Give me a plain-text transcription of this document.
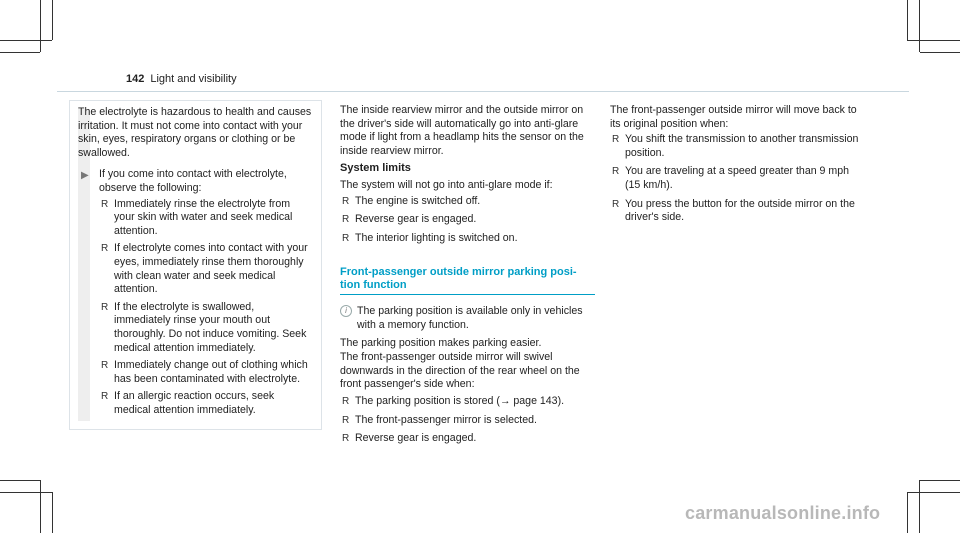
142 Light and visibility

The electrolyte is hazardous to health and causes irritation. It must not come into contact with your skin, eyes, respiratory organs or clothing or be swallowed.

▶ If you come into contact with electrolyte, observe the following:
R Immediately rinse the electrolyte from your skin with water and seek medical attention.
R If electrolyte comes into contact with your eyes, immediately rinse them thoroughly with clean water and seek medical attention.
R If the electrolyte is swallowed, immediately rinse your mouth out thoroughly. Do not induce vomiting. Seek medical attention immediately.
R Immediately change out of clothing which has been contaminated with electrolyte.
R If an allergic reaction occurs, seek medical attention immediately.

The inside rearview mirror and the outside mirror on the driver's side will automatically go into anti-glare mode if light from a headlamp hits the sensor on the inside rearview mirror.

System limits

The system will not go into anti-glare mode if:

R The engine is switched off.
R Reverse gear is engaged.
R The interior lighting is switched on.
Front-passenger outside mirror parking posi-
tion function
i The parking position is available only in vehicles with a memory function.

The parking position makes parking easier.

The front-passenger outside mirror will swivel downwards in the direction of the rear wheel on the front passenger's side when:

R The parking position is stored (→ page 143).
R The front-passenger mirror is selected.
R Reverse gear is engaged.

The front-passenger outside mirror will move back to its original position when:

R You shift the transmission to another transmission position.
R You are traveling at a speed greater than 9 mph (15 km/h).
R You press the button for the outside mirror on the driver's side.
carmanualsonline.info
